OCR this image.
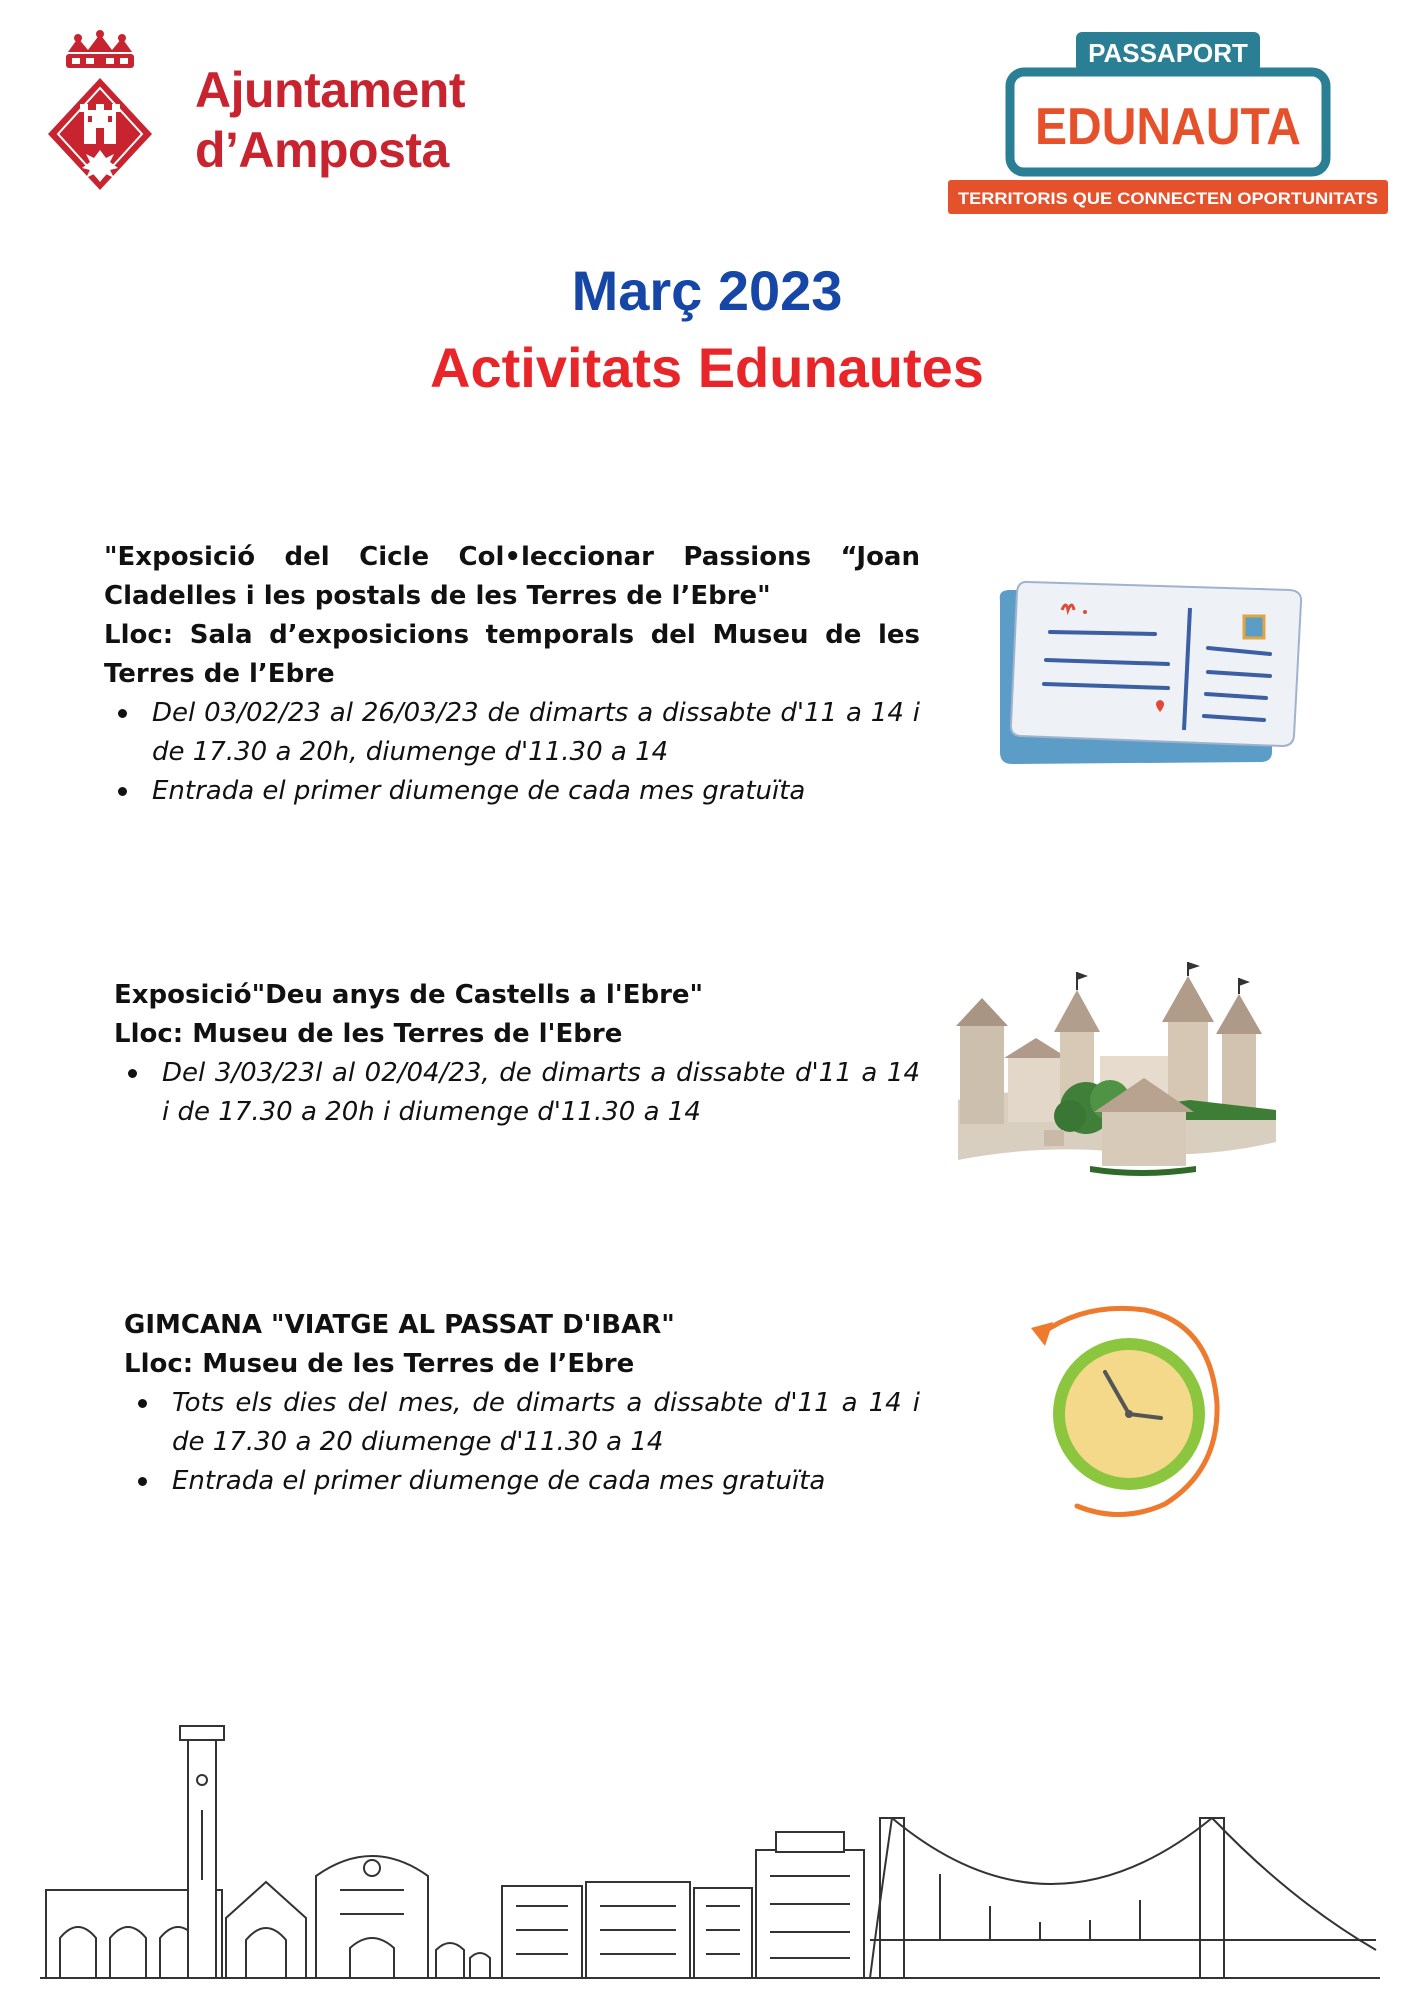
Ajuntament
d’Amposta
PASSAPORT
EDUNAUTA
TERRITORIS QUE CONNECTEN OPORTUNITATS
Març 2023
Activitats Edunautes
"Exposició del Cicle Col•leccionar Passions “Joan Cladelles i les postals de les Terres de l’Ebre"
Lloc: Sala d’exposicions temporals del Museu de les Terres de l’Ebre
Del 03/02/23 al 26/03/23 de dimarts a dissabte d'11 a 14 i de 17.30 a 20h, diumenge d'11.30 a 14
Entrada el primer diumenge de cada mes gratuïta
Exposició"Deu anys de Castells a l'Ebre"
Lloc: Museu de les Terres de l'Ebre
Del 3/03/23l al 02/04/23, de dimarts a dissabte d'11 a 14 i de 17.30 a 20h i diumenge d'11.30 a 14
GIMCANA "VIATGE AL PASSAT D'IBAR"
Lloc: Museu de les Terres de l’Ebre
Tots els dies del mes, de dimarts a dissabte d'11 a 14 i de 17.30 a 20 diumenge d'11.30 a 14
Entrada el primer diumenge de cada mes gratuïta
